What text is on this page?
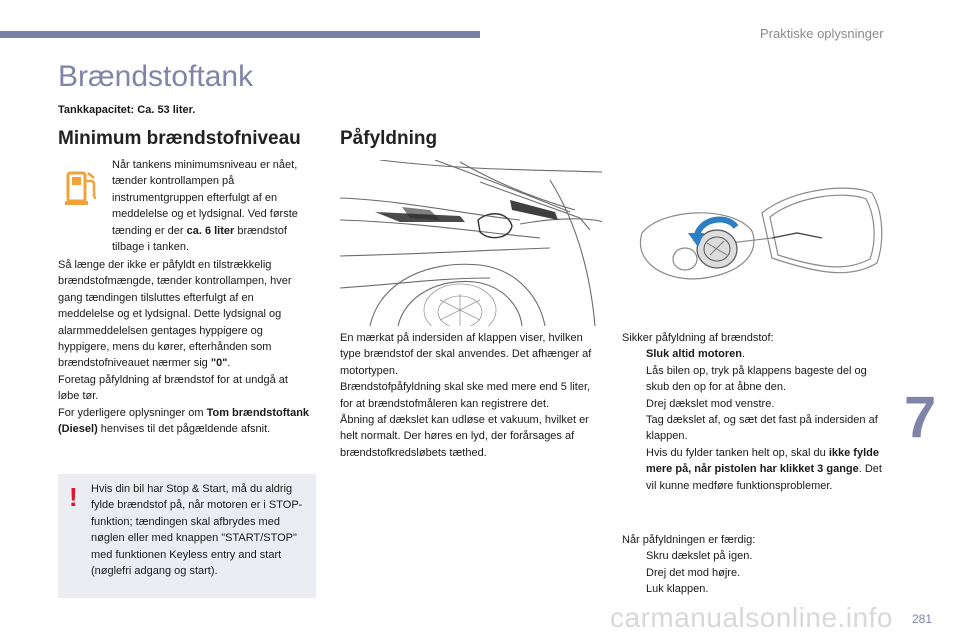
Praktiske oplysninger
Brændstoftank
Tankkapacitet: Ca. 53 liter.
Minimum brændstofniveau
Når tankens minimumsniveau er nået, tænder kontrollampen på instrumentgruppen efterfulgt af en meddelelse og et lydsignal. Ved første tænding er der ca. 6 liter brændstof tilbage i tanken.

Så længe der ikke er påfyldt en tilstrækkelig brændstofmængde, tænder kontrollampen, hver gang tændingen tilsluttes efterfulgt af en meddelelse og et lydsignal. Dette lydsignal og alarmmeddelelsen gentages hyppigere og hyppigere, mens du kører, efterhånden som brændstofniveauet nærmer sig "0".

Foretag påfyldning af brændstof for at undgå at løbe tør.

For yderligere oplysninger om Tom brændstoftank (Diesel) henvises til det pågældende afsnit.

! Hvis din bil har Stop & Start, må du aldrig fylde brændstof på, når motoren er i STOP-funktion; tændingen skal afbrydes med nøglen eller med knappen "START/STOP" med funktionen Keyless entry and start (nøglefri adgang og start).
Påfyldning

En mærkat på indersiden af klappen viser, hvilken type brændstof der skal anvendes. Det afhænger af motortypen.

Brændstofpåfyldning skal ske med mere end 5 liter, for at brændstofmåleren kan registrere det.

Åbning af dækslet kan udløse et vakuum, hvilket er helt normalt. Der høres en lyd, der forårsages af brændstofkredsløbets tæthed.

Sikker påfyldning af brændstof:

Sluk altid motoren.
Lås bilen op, tryk på klappens bageste del og skub den op for at åbne den.
Drej dækslet mod venstre.
Tag dækslet af, og sæt det fast på indersiden af klappen.
Hvis du fylder tanken helt op, skal du ikke fylde mere på, når pistolen har klikket 3 gange. Det vil kunne medføre funktionsproblemer.

Når påfyldningen er færdig:

Skru dækslet på igen.
Drej det mod højre.
Luk klappen.
7
carmanualsonline.info 281
